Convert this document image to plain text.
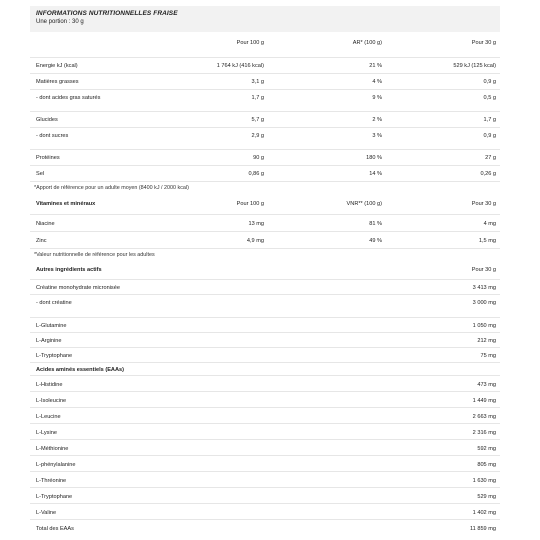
INFORMATIONS NUTRITIONNELLES FRAISE
Une portion : 30 g
Pour 100 g	AR* (100 g)	Pour 30 g
Energie kJ (kcal)	1 764 kJ (416 kcal)	21 %	529 kJ (125 kcal)
Matières grasses	3,1 g	4 %	0,9 g
- dont acides gras saturés	1,7 g	9 %	0,5 g
Glucides	5,7 g	2 %	1,7 g
- dont sucres	2,9 g	3 %	0,9 g
Protéines	90 g	180 %	27 g
Sel	0,86 g	14 %	0,26 g
*Apport de référence pour un adulte moyen (8400 kJ / 2000 kcal)
Vitamines et minéraux	Pour 100 g	VNR** (100 g)	Pour 30 g
Niacine	13 mg	81 %	4 mg
Zinc	4,9 mg	49 %	1,5 mg
*Valeur nutritionnelle de référence pour les adultes
Autres ingrédients actifs	Pour 30 g
Créatine monohydrate micronisée	3 413 mg
- dont créatine	3 000 mg
L-Glutamine	1 050 mg
L-Arginine	212 mg
L-Tryptophane	75 mg
Acides aminés essentiels (EAAs)
L-Histidine	473 mg
L-Isoleucine	1 449 mg
L-Leucine	2 663 mg
L-Lysine	2 316 mg
L-Méthionine	592 mg
L-phénylalanine	805 mg
L-Thréonine	1 630 mg
L-Tryptophane	529 mg
L-Valine	1 402 mg
Total des EAAs	11 859 mg
